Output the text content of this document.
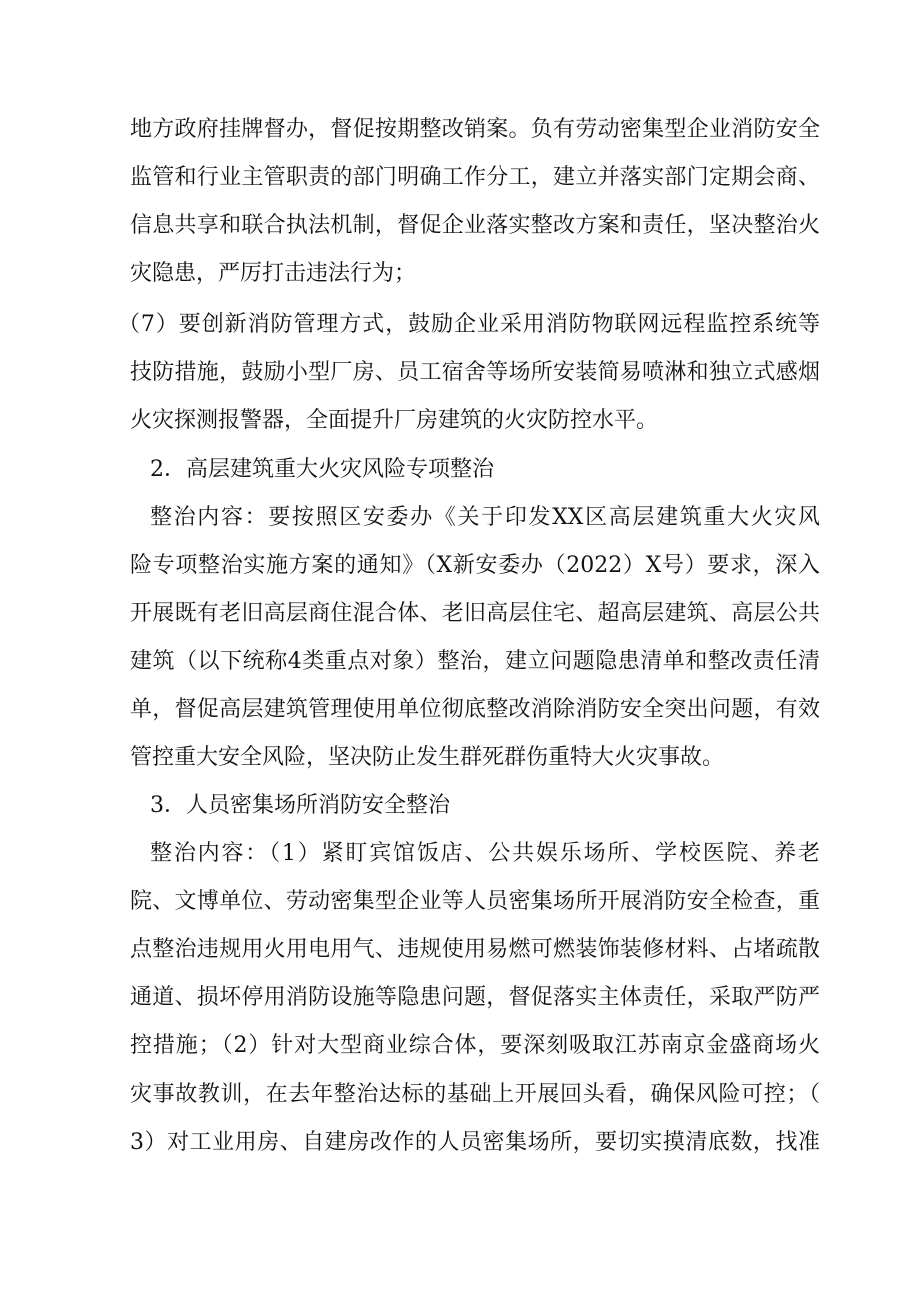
地方政府挂牌督办，督促按期整改销案。负有劳动密集型企业消防安全
监管和行业主管职责的部门明确工作分工，建立并落实部门定期会商、
信息共享和联合执法机制，督促企业落实整改方案和责任，坚决整治火
灾隐患，严厉打击违法行为；
（7）要创新消防管理方式，鼓励企业采用消防物联网远程监控系统等
技防措施，鼓励小型厂房、员工宿舍等场所安装简易喷淋和独立式感烟
火灾探测报警器，全面提升厂房建筑的火灾防控水平。
2．高层建筑重大火灾风险专项整治
整治内容：要按照区安委办《关于印发XX区高层建筑重大火灾风
险专项整治实施方案的通知》（X新安委办（2022）X号）要求，深入
开展既有老旧高层商住混合体、老旧高层住宅、超高层建筑、高层公共
建筑（以下统称4类重点对象）整治，建立问题隐患清单和整改责任清
单，督促高层建筑管理使用单位彻底整改消除消防安全突出问题，有效
管控重大安全风险，坚决防止发生群死群伤重特大火灾事故。
3．人员密集场所消防安全整治
整治内容：（1）紧盯宾馆饭店、公共娱乐场所、学校医院、养老
院、文博单位、劳动密集型企业等人员密集场所开展消防安全检查，重
点整治违规用火用电用气、违规使用易燃可燃装饰装修材料、占堵疏散
通道、损坏停用消防设施等隐患问题，督促落实主体责任，采取严防严
控措施；（2）针对大型商业综合体，要深刻吸取江苏南京金盛商场火
灾事故教训，在去年整治达标的基础上开展回头看，确保风险可控；（
3）对工业用房、自建房改作的人员密集场所，要切实摸清底数，找准
